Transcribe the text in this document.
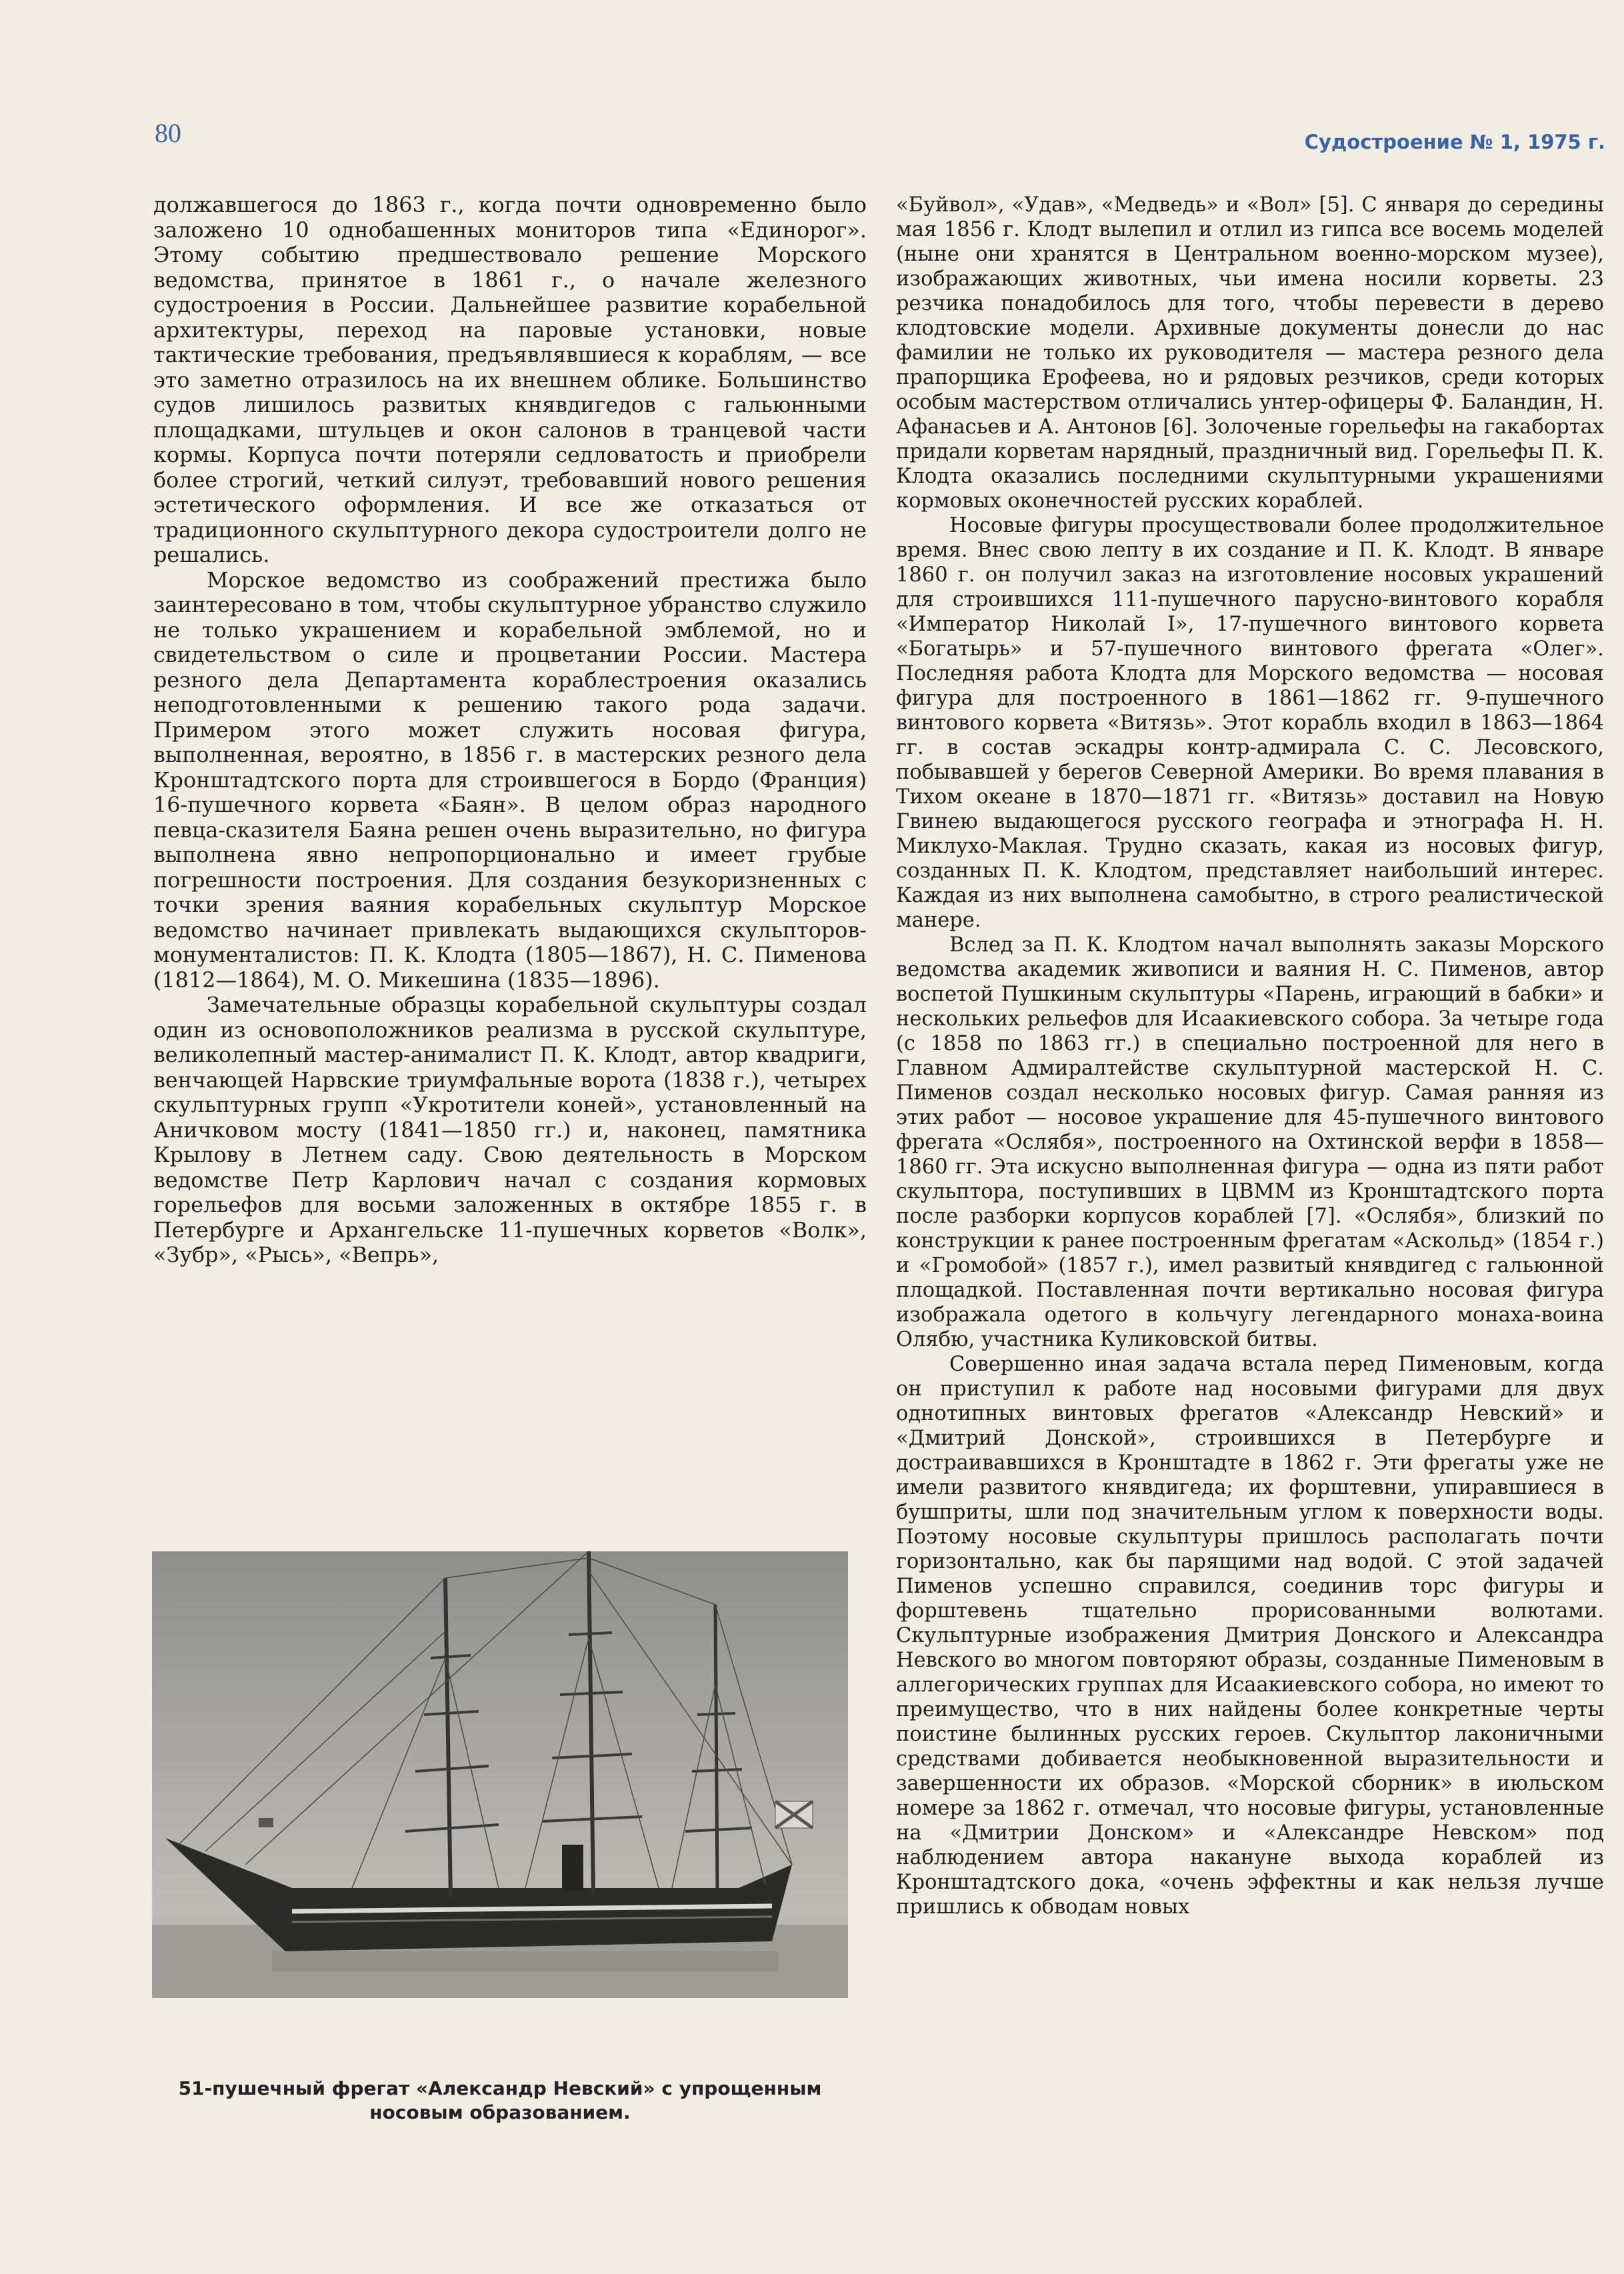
80	Судостроение № 1, 1975 г.

должавшегося до 1863 г., когда почти одновременно было заложено 10 однобашенных мониторов типа «Единорог». Этому событию предшествовало решение Морского ведомства, принятое в 1861 г., о начале железного судостроения в России. Дальнейшее развитие корабельной архитектуры, переход на паровые установки, новые тактические требования, предъявлявшиеся к кораблям, — все это заметно отразилось на их внешнем облике. Большинство судов лишилось развитых княвдигедов с гальюнными площадками, штульцев и окон салонов в транцевой части кормы. Корпуса почти потеряли седловатость и приобрели более строгий, четкий силуэт, требовавший нового решения эстетического оформления. И все же отказаться от традиционного скульптурного декора судостроители долго не решались.

Морское ведомство из соображений престижа было заинтересовано в том, чтобы скульптурное убранство служило не только украшением и корабельной эмблемой, но и свидетельством о силе и процветании России. Мастера резного дела Департамента кораблестроения оказались неподготовленными к решению такого рода задачи. Примером этого может служить носовая фигура, выполненная, вероятно, в 1856 г. в мастерских резного дела Кронштадтского порта для строившегося в Бордо (Франция) 16-пушечного корвета «Баян». В целом образ народного певца-сказителя Баяна решен очень выразительно, но фигура выполнена явно непропорционально и имеет грубые погрешности построения. Для создания безукоризненных с точки зрения ваяния корабельных скульптур Морское ведомство начинает привлекать выдающихся скульпторов-монументалистов: П. К. Клодта (1805—1867), Н. С. Пименова (1812—1864), М. О. Микешина (1835—1896).

Замечательные образцы корабельной скульптуры создал один из основоположников реализма в русской скульптуре, великолепный мастер-анималист П. К. Клодт, автор квадриги, венчающей Нарвские триумфальные ворота (1838 г.), четырех скульптурных групп «Укротители коней», установленный на Аничковом мосту (1841—1850 гг.) и, наконец, памятника Крылову в Летнем саду. Свою деятельность в Морском ведомстве Петр Карлович начал с создания кормовых горельефов для восьми заложенных в октябре 1855 г. в Петербурге и Архангельске 11-пушечных корветов «Волк», «Зубр», «Рысь», «Вепрь»,

«Буйвол», «Удав», «Медведь» и «Вол» [5]. С января до середины мая 1856 г. Клодт вылепил и отлил из гипса все восемь моделей (ныне они хранятся в Центральном военно-морском музее), изображающих животных, чьи имена носили корветы. 23 резчика понадобилось для того, чтобы перевести в дерево клодтовские модели. Архивные документы донесли до нас фамилии не только их руководителя — мастера резного дела прапорщика Ерофеева, но и рядовых резчиков, среди которых особым мастерством отличались унтер-офицеры Ф. Баландин, Н. Афанасьев и А. Антонов [6]. Золоченые горельефы на гакабортах придали корветам нарядный, праздничный вид. Горельефы П. К. Клодта оказались последними скульптурными украшениями кормовых оконечностей русских кораблей.

Носовые фигуры просуществовали более продолжительное время. Внес свою лепту в их создание и П. К. Клодт. В январе 1860 г. он получил заказ на изготовление носовых украшений для строившихся 111-пушечного парусно-винтового корабля «Император Николай I», 17-пушечного винтового корвета «Богатырь» и 57-пушечного винтового фрегата «Олег». Последняя работа Клодта для Морского ведомства — носовая фигура для построенного в 1861—1862 гг. 9-пушечного винтового корвета «Витязь». Этот корабль входил в 1863—1864 гг. в состав эскадры контр-адмирала С. С. Лесовского, побывавшей у берегов Северной Америки. Во время плавания в Тихом океане в 1870—1871 гг. «Витязь» доставил на Новую Гвинею выдающегося русского географа и этнографа Н. Н. Миклухо-Маклая. Трудно сказать, какая из носовых фигур, созданных П. К. Клодтом, представляет наибольший интерес. Каждая из них выполнена самобытно, в строго реалистической манере.

Вслед за П. К. Клодтом начал выполнять заказы Морского ведомства академик живописи и ваяния Н. С. Пименов, автор воспетой Пушкиным скульптуры «Парень, играющий в бабки» и нескольких рельефов для Исаакиевского собора. За четыре года (с 1858 по 1863 гг.) в специально построенной для него в Главном Адмиралтействе скульптурной мастерской Н. С. Пименов создал несколько носовых фигур. Самая ранняя из этих работ — носовое украшение для 45-пушечного винтового фрегата «Ослябя», построенного на Охтинской верфи в 1858—1860 гг. Эта искусно выполненная фигура — одна из пяти работ скульптора, поступивших в ЦВММ из Кронштадтского порта после разборки корпусов кораблей [7]. «Ослябя», близкий по конструкции к ранее построенным фрегатам «Аскольд» (1854 г.) и «Громобой» (1857 г.), имел развитый княвдигед с гальюнной площадкой. Поставленная почти вертикально носовая фигура изображала одетого в кольчугу легендарного монаха-воина Олябю, участника Куликовской битвы.

Совершенно иная задача встала перед Пименовым, когда он приступил к работе над носовыми фигурами для двух однотипных винтовых фрегатов «Александр Невский» и «Дмитрий Донской», строившихся в Петербурге и достраивавшихся в Кронштадте в 1862 г. Эти фрегаты уже не имели развитого княвдигеда; их форштевни, упиравшиеся в бушприты, шли под значительным углом к поверхности воды. Поэтому носовые скульптуры пришлось располагать почти горизонтально, как бы парящими над водой. С этой задачей Пименов успешно справился, соединив торс фигуры и форштевень тщательно прорисованными волютами. Скульптурные изображения Дмитрия Донского и Александра Невского во многом повторяют образы, созданные Пименовым в аллегорических группах для Исаакиевского собора, но имеют то преимущество, что в них найдены более конкретные черты поистине былинных русских героев. Скульптор лаконичными средствами добивается необыкновенной выразительности и завершенности их образов. «Морской сборник» в июльском номере за 1862 г. отмечал, что носовые фигуры, установленные на «Дмитрии Донском» и «Александре Невском» под наблюдением автора накануне выхода кораблей из Кронштадтского дока, «очень эффектны и как нельзя лучше пришлись к обводам новых

51-пушечный фрегат «Александр Невский» с упрощенным носовым образованием.
